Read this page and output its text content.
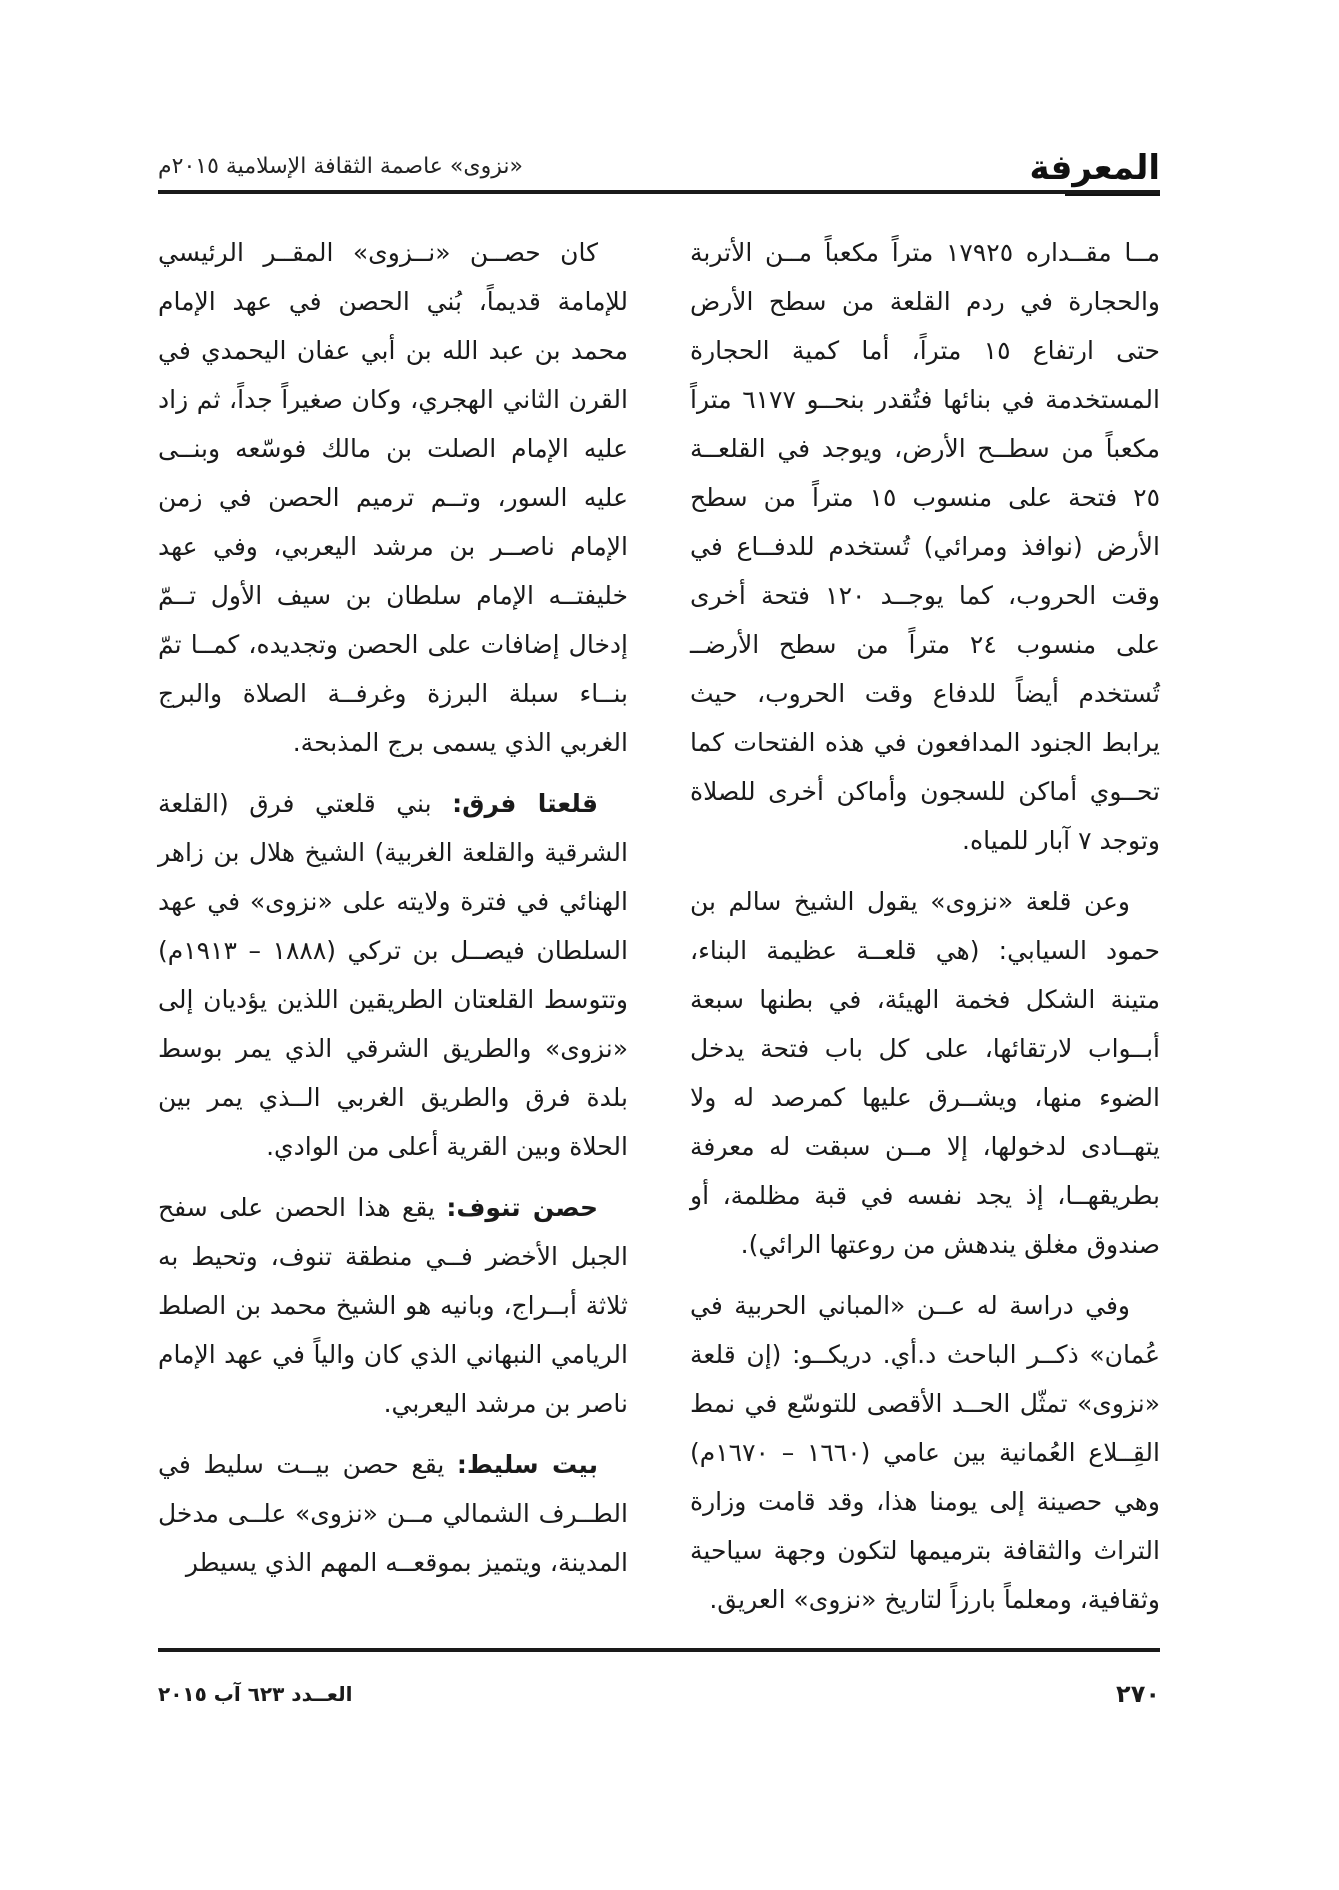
المعرفة
«نزوى» عاصمة الثقافة الإسلامية ٢٠١٥م

مــا مقــداره ١٧٩٢٥ متراً مكعباً مــن الأتربة والحجارة في ردم القلعة من سطح الأرض حتى ارتفاع ١٥ متراً، أما كمية الحجارة المستخدمة في بنائها فتُقدر بنحــو ٦١٧٧ متراً مكعباً من سطــح الأرض، ويوجد في القلعــة ٢٥ فتحة على منسوب ١٥ متراً من سطح الأرض (نوافذ ومرائي) تُستخدم للدفــاع في وقت الحروب، كما يوجــد ١٢٠ فتحة أخرى على منسوب ٢٤ متراً من سطح الأرضــ تُستخدم أيضاً للدفاع وقت الحروب، حيث يرابط الجنود المدافعون في هذه الفتحات كما تحــوي أماكن للسجون وأماكن أخرى للصلاة وتوجد ٧ آبار للمياه.

وعن قلعة «نزوى» يقول الشيخ سالم بن حمود السيابي: (هي قلعــة عظيمة البناء، متينة الشكل فخمة الهيئة، في بطنها سبعة أبــواب لارتقائها، على كل باب فتحة يدخل الضوء منها، ويشــرق عليها كمرصد له ولا يتهــادى لدخولها، إلا مــن سبقت له معرفة بطريقهــا، إذ يجد نفسه في قبة مظلمة، أو صندوق مغلق يندهش من روعتها الرائي).

وفي دراسة له عــن «المباني الحربية في عُمان» ذكــر الباحث د.أي. دريكــو: (إن قلعة «نزوى» تمثّل الحــد الأقصى للتوسّع في نمط القِــلاع العُمانية بين عامي (١٦٦٠ – ١٦٧٠م) وهي حصينة إلى يومنا هذا، وقد قامت وزارة التراث والثقافة بترميمها لتكون وجهة سياحية وثقافية، ومعلماً بارزاً لتاريخ «نزوى» العريق.

كان حصــن «نــزوى» المقــر الرئيسي للإمامة قديماً، بُني الحصن في عهد الإمام محمد بن عبد الله بن أبي عفان اليحمدي في القرن الثاني الهجري، وكان صغيراً جداً، ثم زاد عليه الإمام الصلت بن مالك فوسّعه وبنــى عليه السور، وتــم ترميم الحصن في زمن الإمام ناصــر بن مرشد اليعربي، وفي عهد خليفتــه الإمام سلطان بن سيف الأول تــمّ إدخال إضافات على الحصن وتجديده، كمــا تمّ بنــاء سبلة البرزة وغرفــة الصلاة والبرج الغربي الذي يسمى برج المذبحة.

قلعتا فرق: بني قلعتي فرق (القلعة الشرقية والقلعة الغربية) الشيخ هلال بن زاهر الهنائي في فترة ولايته على «نزوى» في عهد السلطان فيصــل بن تركي (١٨٨٨ – ١٩١٣م) وتتوسط القلعتان الطريقين اللذين يؤديان إلى «نزوى» والطريق الشرقي الذي يمر بوسط بلدة فرق والطريق الغربي الــذي يمر بين الحلاة وبين القرية أعلى من الوادي.

حصن تنوف: يقع هذا الحصن على سفح الجبل الأخضر فــي منطقة تنوف، وتحيط به ثلاثة أبــراج، وبانيه هو الشيخ محمد بن الصلط الريامي النبهاني الذي كان والياً في عهد الإمام ناصر بن مرشد اليعربي.

بيت سليط: يقع حصن بيــت سليط في الطــرف الشمالي مــن «نزوى» علــى مدخل المدينة، ويتميز بموقعــه المهم الذي يسيطر

٢٧٠
العــدد ٦٢٣ آب ٢٠١٥
